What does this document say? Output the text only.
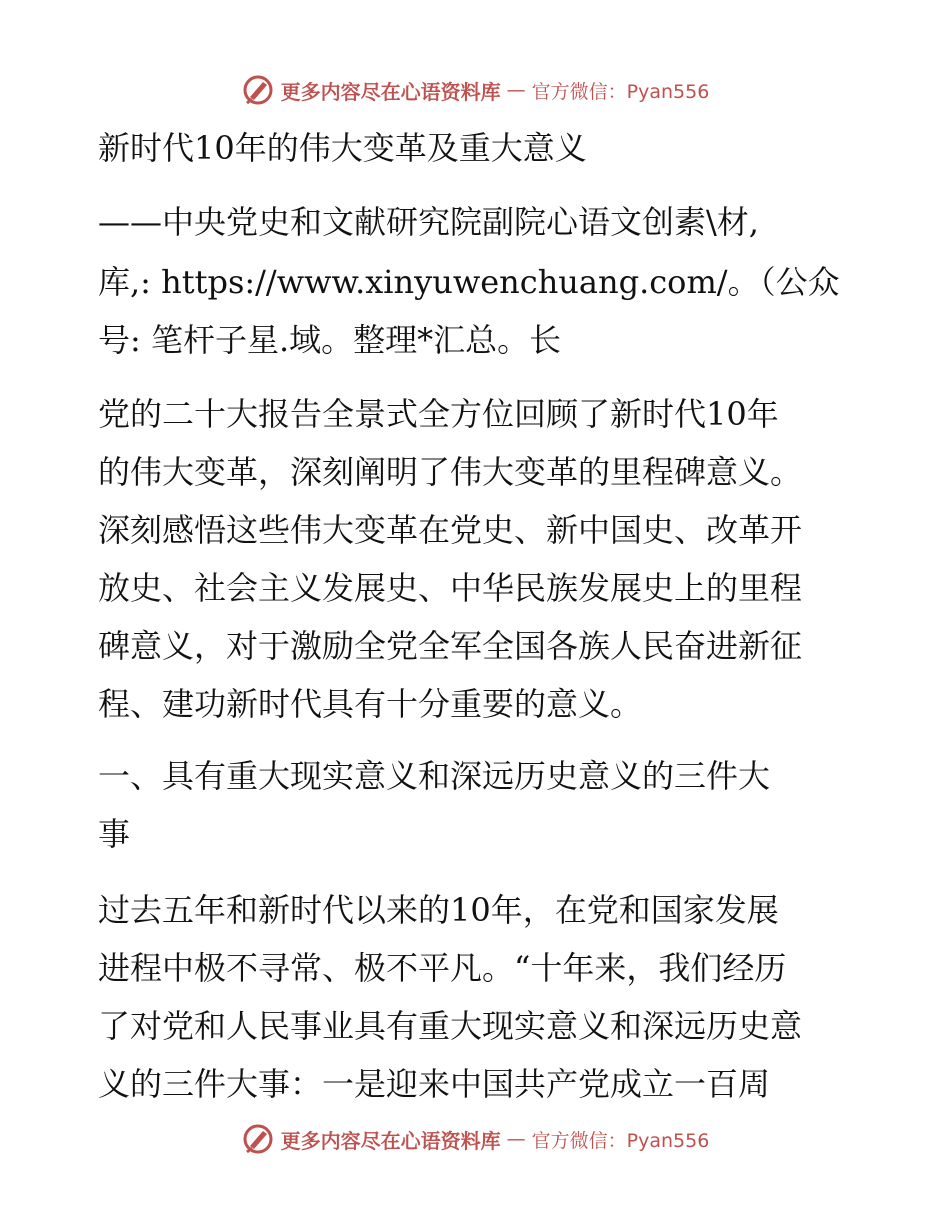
更多内容尽在心语资料库 — 官方微信：Pyan556
新时代10年的伟大变革及重大意义
——中央党史和文献研究院副院心语文创素\材,
库,: https://www.xinyuwenchuang.com/。（公众
号: 笔杆子星.域。整理*汇总。长
党的二十大报告全景式全方位回顾了新时代10年
的伟大变革，深刻阐明了伟大变革的里程碑意义。
深刻感悟这些伟大变革在党史、新中国史、改革开
放史、社会主义发展史、中华民族发展史上的里程
碑意义，对于激励全党全军全国各族人民奋进新征
程、建功新时代具有十分重要的意义。
一、具有重大现实意义和深远历史意义的三件大
事
过去五年和新时代以来的10年，在党和国家发展
进程中极不寻常、极不平凡。“十年来，我们经历
了对党和人民事业具有重大现实意义和深远历史意
义的三件大事：一是迎来中国共产党成立一百周
更多内容尽在心语资料库 — 官方微信：Pyan556
